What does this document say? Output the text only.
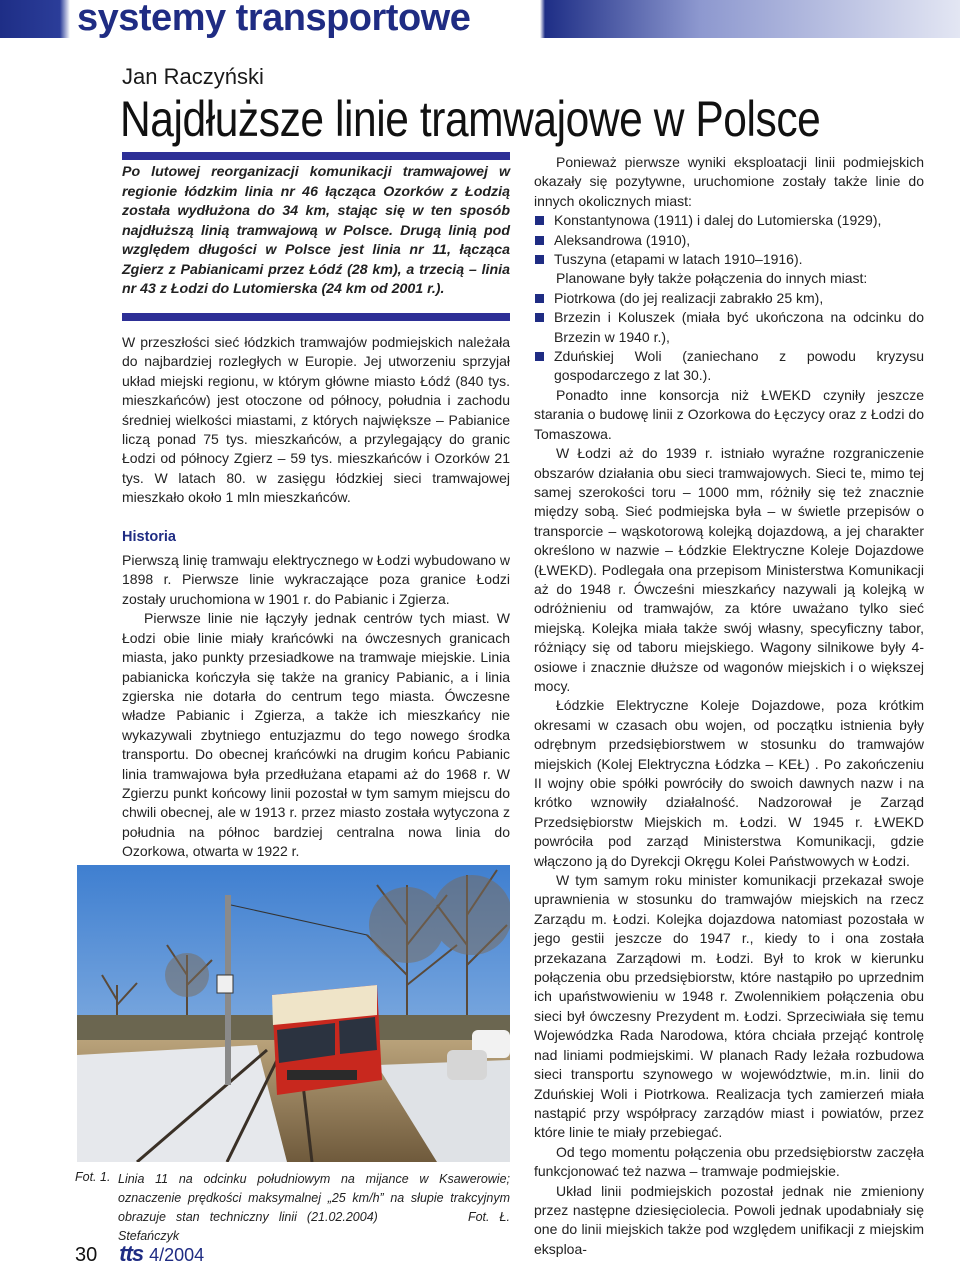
systemy transportowe
Jan Raczyński
Najdłuższe linie tramwajowe w Polsce
Po lutowej reorganizacji komunikacji tramwajowej w regionie łódzkim linia nr 46 łącząca Ozorków z Łodzią została wydłużona do 34 km, stając się w ten sposób najdłuższą linią tramwajową w Polsce. Drugą linią pod względem długości w Polsce jest linia nr 11, łącząca Zgierz z Pabianicami przez Łódź (28 km), a trzecią – linia nr 43 z Łodzi do Lutomierska (24 km od 2001 r.).

W przeszłości sieć łódzkich tramwajów podmiejskich należała do najbardziej rozległych w Europie. Jej utworzeniu sprzyjał układ miejski regionu, w którym główne miasto Łódź (840 tys. mieszkańców) jest otoczone od północy, południa i zachodu średniej wielkości miastami, z których największe – Pabianice liczą ponad 75 tys. mieszkańców, a przylegający do granic Łodzi od północy Zgierz – 59 tys. mieszkańców i Ozorków 21 tys. W latach 80. w zasięgu łódzkiej sieci tramwajowej mieszkało około 1 mln mieszkańców.

Historia

Pierwszą linię tramwaju elektrycznego w Łodzi wybudowano w 1898 r. Pierwsze linie wykraczające poza granice Łodzi zostały uruchomiona w 1901 r. do Pabianic i Zgierza.

Pierwsze linie nie łączyły jednak centrów tych miast. W Łodzi obie linie miały krańcówki na ówczesnych granicach miasta, jako punkty przesiadkowe na tramwaje miejskie. Linia pabianicka kończyła się także na granicy Pabianic, a i linia zgierska nie dotarła do centrum tego miasta. Ówczesne władze Pabianic i Zgierza, a także ich mieszkańcy nie wykazywali zbytniego entuzjazmu do tego nowego środka transportu. Do obecnej krańcówki na drugim końcu Pabianic linia tramwajowa była przedłużana etapami aż do 1968 r. W Zgierzu punkt końcowy linii pozostał w tym samym miejscu do chwili obecnej, ale w 1913 r. przez miasto została wytyczona z południa na północ bardziej centralna nowa linia do Ozorkowa, otwarta w 1922 r.

Fot. 1. Linia 11 na odcinku południowym na mijance w Ksawerowie; oznaczenie prędkości maksymalnej „25 km/h” na słupie trakcyjnym obrazuje stan techniczny linii (21.02.2004)	Fot. Ł. Stefańczyk

Ponieważ pierwsze wyniki eksploatacji linii podmiejskich okazały się pozytywne, uruchomione zostały także linie do innych okolicznych miast:

Konstantynowa (1911) i dalej do Lutomierska (1929),
Aleksandrowa (1910),
Tuszyna (etapami w latach 1910–1916).

Planowane były także połączenia do innych miast:

Piotrkowa (do jej realizacji zabrakło 25 km),
Brzezin i Koluszek (miała być ukończona na odcinku do Brzezin w 1940 r.),
Zduńskiej Woli (zaniechano z powodu kryzysu gospodarczego z lat 30.).

Ponadto inne konsorcja niż ŁWEKD czyniły jeszcze starania o budowę linii z Ozorkowa do Łęczycy oraz z Łodzi do Tomaszowa.

W Łodzi aż do 1939 r. istniało wyraźne rozgraniczenie obszarów działania obu sieci tramwajowych. Sieci te, mimo tej samej szerokości toru – 1000 mm, różniły się też znacznie między sobą. Sieć podmiejska była – w świetle przepisów o transporcie – wąskotorową kolejką dojazdową, a jej charakter określono w nazwie – Łódzkie Elektryczne Koleje Dojazdowe (ŁWEKD). Podlegała ona przepisom Ministerstwa Komunikacji aż do 1948 r. Ówcześni mieszkańcy nazywali ją kolejką w odróżnieniu od tramwajów, za które uważano tylko sieć miejską. Kolejka miała także swój własny, specyficzny tabor, różniący się od taboru miejskiego. Wagony silnikowe były 4-osiowe i znacznie dłuższe od wagonów miejskich i o większej mocy.

Łódzkie Elektryczne Koleje Dojazdowe, poza krótkim okresami w czasach obu wojen, od początku istnienia były odrębnym przedsiębiorstwem w stosunku do tramwajów miejskich (Kolej Elektryczna Łódzka – KEŁ) . Po zakończeniu II wojny obie spółki powróciły do swoich dawnych nazw i na krótko wznowiły działalność. Nadzorował je Zarząd Przedsiębiorstw Miejskich m. Łodzi. W 1945 r. ŁWEKD powróciła pod zarząd Ministerstwa Komunikacji, gdzie włączono ją do Dyrekcji Okręgu Kolei Państwowych w Łodzi.

W tym samym roku minister komunikacji przekazał swoje uprawnienia w stosunku do tramwajów miejskich na rzecz Zarządu m. Łodzi. Kolejka dojazdowa natomiast pozostała w jego gestii jeszcze do 1947 r., kiedy to i ona została przekazana Zarządowi m. Łodzi. Był to krok w kierunku połączenia obu przedsiębiorstw, które nastąpiło po uprzednim ich upaństwowieniu w 1948 r. Zwolennikiem połączenia obu sieci był ówczesny Prezydent m. Łodzi. Sprzeciwiała się temu Wojewódzka Rada Narodowa, która chciała przejąć kontrolę nad liniami podmiejskimi. W planach Rady leżała rozbudowa sieci transportu szynowego w województwie, m.in. linii do Zduńskiej Woli i Piotrkowa. Realizacja tych zamierzeń miała nastąpić przy współpracy zarządów miast i powiatów, przez które linie te miały przebiegać.

Od tego momentu połączenia obu przedsiębiorstw zaczęła funkcjonować też nazwa – tramwaje podmiejskie.

Układ linii podmiejskich pozostał jednak nie zmieniony przez następne dziesięciolecia. Powoli jednak upodabniały się one do linii miejskich także pod względem unifikacji z miejskim eksploa-

30 tts 4/2004
